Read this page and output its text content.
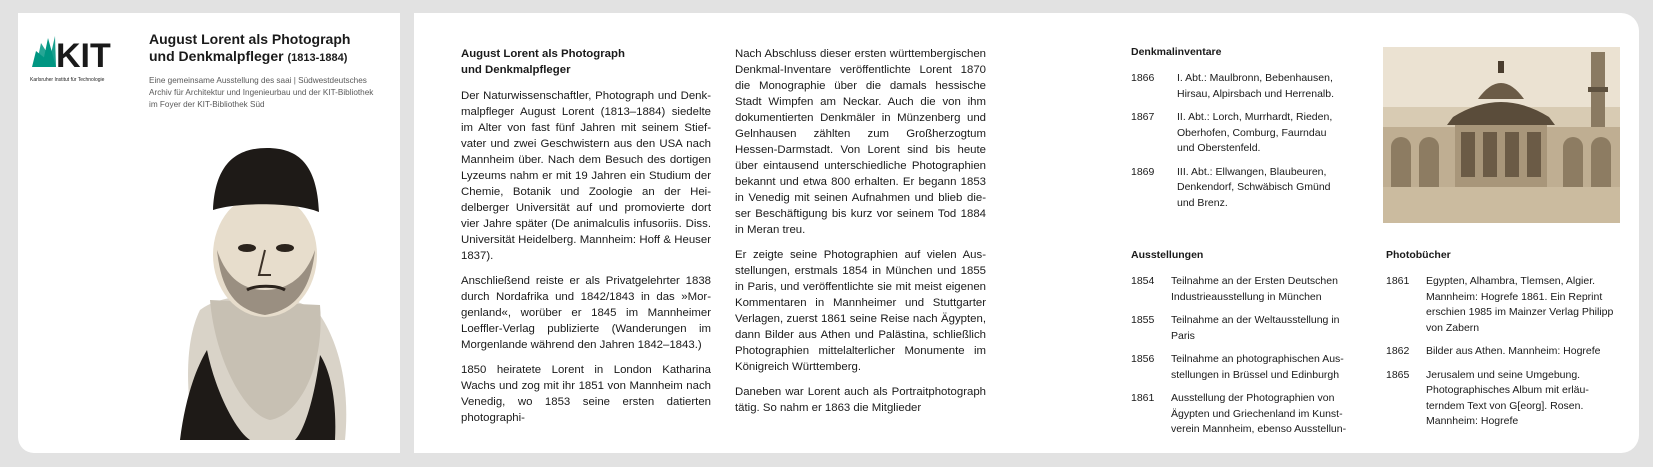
KIT
Karlsruher Institut für Technologie
August Lorent als Photograph
und Denkmalpfleger (1813-1884)
Eine gemeinsame Ausstellung des saai | Südwestdeutsches Archiv für Architektur und Ingenieurbau und der KIT-Bibliothek im Foyer der KIT-Bibliothek Süd
August Lorent als Photograph
und Denkmalpfleger

Der Naturwissenschaftler, Photograph und Denkmalpfleger August Lorent (1813–1884) siedelte im Alter von fast fünf Jahren mit seinem Stiefvater und zwei Geschwistern aus den USA nach Mannheim über. Nach dem Besuch des dortigen Lyzeums nahm er mit 19 Jahren ein Studium der Chemie, Botanik und Zoologie an der Heidelberger Universität auf und promovierte dort vier Jahre später (De animalculis infusoriis. Diss. Universität Heidelberg. Mannheim: Hoff & Heuser 1837).

Anschließend reiste er als Privatgelehrter 1838 durch Nordafrika und 1842/1843 in das »Morgenland«, worüber er 1845 im Mannheimer Loeffler-Verlag publizierte (Wanderungen im Morgenlande während den Jahren 1842–1843.)

1850 heiratete Lorent in London Katharina Wachs und zog mit ihr 1851 von Mannheim nach Venedig, wo 1853 seine ersten datierten photographi-

Nach Abschluss dieser ersten württembergischen Denkmal-Inventare veröffentlichte Lorent 1870 die Monographie über die damals hessische Stadt Wimpfen am Neckar. Auch die von ihm dokumentierten Denkmäler in Münzenberg und Gelnhausen zählten zum Großherzogtum Hessen-Darmstadt. Von Lorent sind bis heute über eintausend unterschiedliche Photographien bekannt und etwa 800 erhalten. Er begann 1853 in Venedig mit seinen Aufnahmen und blieb dieser Beschäftigung bis kurz vor seinem Tod 1884 in Meran treu.

Er zeigte seine Photographien auf vielen Ausstellungen, erstmals 1854 in München und 1855 in Paris, und veröffentlichte sie mit meist eigenen Kommentaren in Mannheimer und Stuttgarter Verlagen, zuerst 1861 seine Reise nach Ägypten, dann Bilder aus Athen und Palästina, schließlich Photographien mittelalterlicher Monumente im Königreich Württemberg.

Daneben war Lorent auch als Portraitphotograph tätig. So nahm er 1863 die Mitglieder

Denkmalinventare
1866	I. Abt.: Maulbronn, Bebenhausen, Hirsau, Alpirsbach und Herrenalb.
1867	II. Abt.: Lorch, Murrhardt, Rieden, Oberhofen, Comburg, Faurndau und Oberstenfeld.
1869	III. Abt.: Ellwangen, Blaubeuren, Denkendorf, Schwäbisch Gmünd und Brenz.
Ausstellungen
1854	Teilnahme an der Ersten Deutschen Industrieausstellung in München
1855	Teilnahme an der Weltausstellung in Paris
1856	Teilnahme an photographischen Ausstellungen in Brüssel und Edinburgh
1861	Ausstellung der Photographien von Ägypten und Griechenland im Kunstverein Mannheim, ebenso Ausstellun-
Photobücher
1861	Egypten, Alhambra, Tlemsen, Algier. Mannheim: Hogrefe 1861. Ein Reprint erschien 1985 im Mainzer Verlag Philipp von Zabern
1862	Bilder aus Athen. Mannheim: Hogrefe
1865	Jerusalem und seine Umgebung. Photographisches Album mit erläuterndem Text von G[eorg]. Rosen. Mannheim: Hogrefe
